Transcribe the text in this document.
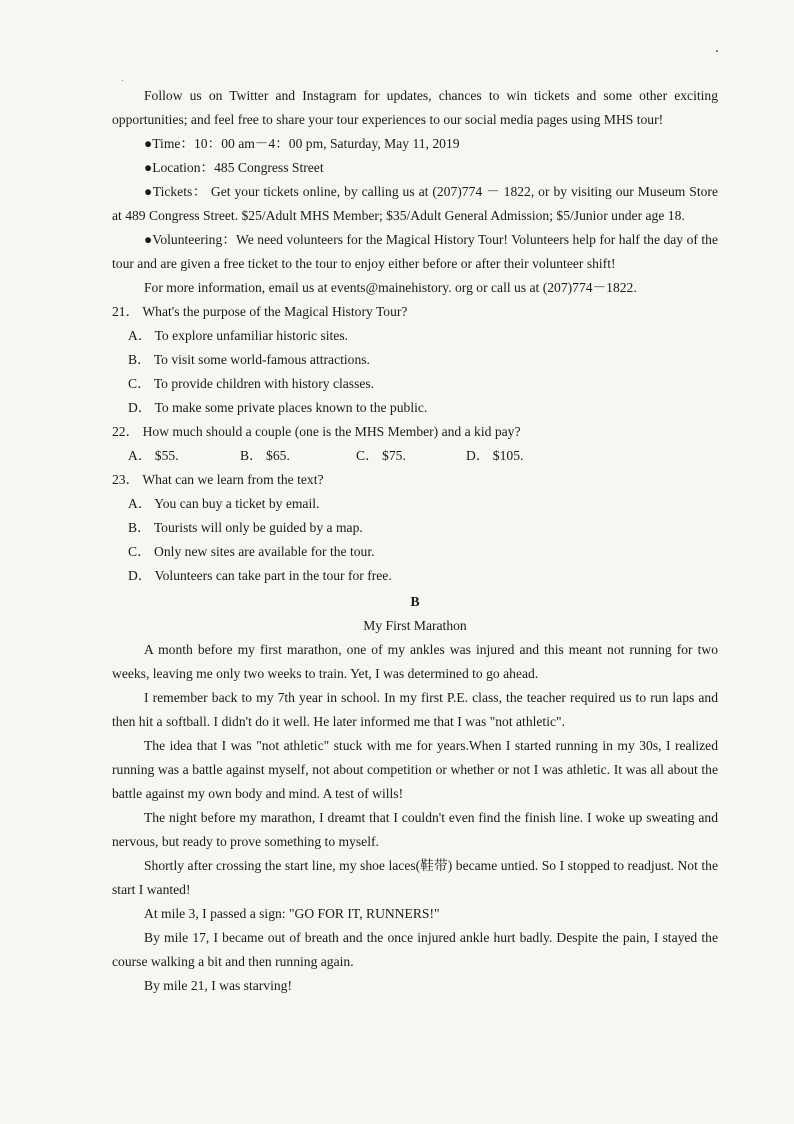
Follow us on Twitter and Instagram for updates, chances to win tickets and some other exciting opportunities; and feel free to share your tour experiences to our social media pages using MHS tour!

●Time：10：00 am－4：00 pm, Saturday, May 11, 2019

●Location：485 Congress Street

●Tickets： Get your tickets online, by calling us at (207)774 － 1822, or by visiting our Museum Store at 489 Congress Street. $25/Adult MHS Member; $35/Adult General Admission; $5/Junior under age 18.

●Volunteering：We need volunteers for the Magical History Tour! Volunteers help for half the day of the tour and are given a free ticket to the tour to enjoy either before or after their volunteer shift!

For more information, email us at events@mainehistory. org or call us at (207)774－1822.

21． What's the purpose of the Magical History Tour?

A． To explore unfamiliar historic sites.

B． To visit some world-famous attractions.

C． To provide children with history classes.

D． To make some private places known to the public.

22． How much should a couple (one is the MHS Member) and a kid pay?

A． $55.	B． $65.	C． $75.	D． $105.

23． What can we learn from the text?

A． You can buy a ticket by email.

B． Tourists will only be guided by a map.

C． Only new sites are available for the tour.

D． Volunteers can take part in the tour for free.

B

My First Marathon

A month before my first marathon, one of my ankles was injured and this meant not running for two weeks, leaving me only two weeks to train. Yet, I was determined to go ahead.

I remember back to my 7th year in school. In my first P.E. class, the teacher required us to run laps and then hit a softball. I didn't do it well. He later informed me that I was "not athletic".

The idea that I was "not athletic" stuck with me for years.When I started running in my 30s, I realized running was a battle against myself, not about competition or whether or not I was athletic. It was all about the battle against my own body and mind. A test of wills!

The night before my marathon, I dreamt that I couldn't even find the finish line. I woke up sweating and nervous, but ready to prove something to myself.

Shortly after crossing the start line, my shoe laces(鞋带) became untied. So I stopped to readjust. Not the start I wanted!

At mile 3, I passed a sign: "GO FOR IT, RUNNERS!"

By mile 17, I became out of breath and the once injured ankle hurt badly. Despite the pain, I stayed the course walking a bit and then running again.

By mile 21, I was starving!
